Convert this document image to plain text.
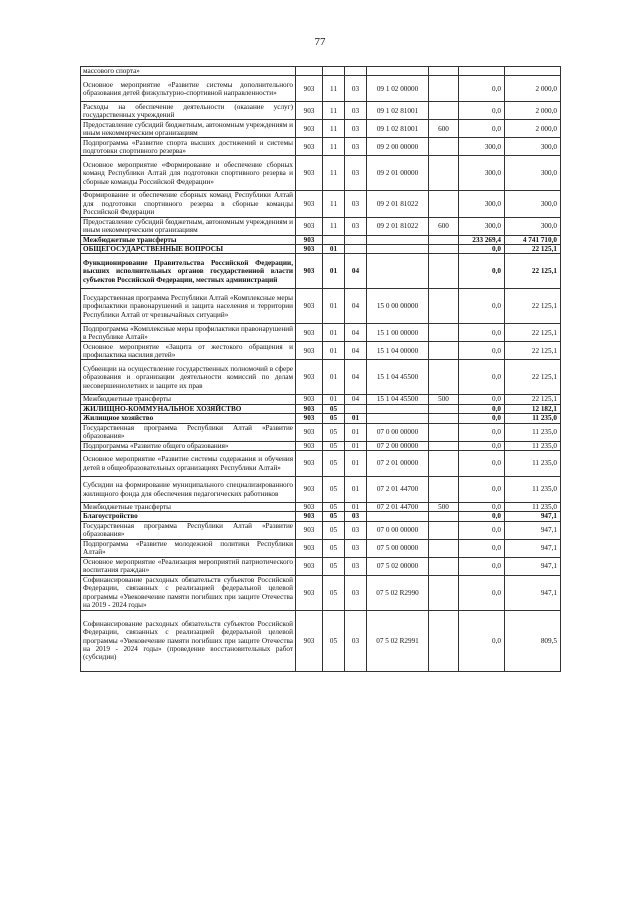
77
массового спорта»							
Основное мероприятие «Развитие системы дополнительного образования детей физкультурно-спортивной направленности»	903	11	03	09 1 02 00000		0,0	2 000,0
Расходы на обеспечение деятельности (оказание услуг) государственных учреждений	903	11	03	09 1 02 81001		0,0	2 000,0
Предоставление субсидий бюджетным, автономным учреждениям и иным некоммерческим организациям	903	11	03	09 1 02 81001	600	0,0	2 000,0
Подпрограмма «Развитие спорта высших достижений и системы подготовки спортивного резерва»	903	11	03	09 2 00 00000		300,0	300,0
Основное мероприятие «Формирование и обеспечение сборных команд Республики Алтай для подготовки спортивного резерва и сборные команды Российской Федерации»	903	11	03	09 2 01 00000		300,0	300,0
Формирование и обеспечение сборных команд Республики Алтай для подготовки спортивного резерва в сборные команды Российской Федерации	903	11	03	09 2 01 81022		300,0	300,0
Предоставление субсидий бюджетным, автономным учреждениям и иным некоммерческим организациям	903	11	03	09 2 01 81022	600	300,0	300,0
Межбюджетные трансферты	903					233 269,4	4 741 710,0
ОБЩЕГОСУДАРСТВЕННЫЕ ВОПРОСЫ	903	01				0,0	22 125,1
Функционирование Правительства Российской Федерации, высших исполнительных органов государственной власти субъектов Российской Федерации, местных администраций	903	01	04			0,0	22 125,1
Государственная программа Республики Алтай «Комплексные меры профилактики правонарушений и защита населения и территории Республики Алтай от чрезвычайных ситуаций»	903	01	04	15 0 00 00000		0,0	22 125,1
Подпрограмма «Комплексные меры профилактики правонарушений в Республике Алтай»	903	01	04	15 1 00 00000		0,0	22 125,1
Основное мероприятие «Защита от жестокого обращения и профилактика насилия детей»	903	01	04	15 1 04 00000		0,0	22 125,1
Субвенции на осуществление государственных полномочий в сфере образования и организации деятельности комиссий по делам несовершеннолетних и защите их прав	903	01	04	15 1 04 45500		0,0	22 125,1
Межбюджетные трансферты	903	01	04	15 1 04 45500	500	0,0	22 125,1
ЖИЛИЩНО-КОММУНАЛЬНОЕ ХОЗЯЙСТВО	903	05				0,0	12 182,1
Жилищное хозяйство	903	05	01			0,0	11 235,0
Государственная программа Республики Алтай «Развитие образования»	903	05	01	07 0 00 00000		0,0	11 235,0
Подпрограмма «Развитие общего образования»	903	05	01	07 2 00 00000		0,0	11 235,0
Основное мероприятие «Развитие системы содержания и обучения детей в общеобразовательных организациях Республики Алтай»	903	05	01	07 2 01 00000		0,0	11 235,0
Субсидии на формирование муниципального специализированного жилищного фонда для обеспечения педагогических работников	903	05	01	07 2 01 44700		0,0	11 235,0
Межбюджетные трансферты	903	05	01	07 2 01 44700	500	0,0	11 235,0
Благоустройство	903	05	03			0,0	947,1
Государственная программа Республики Алтай «Развитие образования»	903	05	03	07 0 00 00000		0,0	947,1
Подпрограмма «Развитие молодежной политики Республики Алтай»	903	05	03	07 5 00 00000		0,0	947,1
Основное мероприятие «Реализация мероприятий патриотического воспитания граждан»	903	05	03	07 5 02 00000		0,0	947,1
Софинансирование расходных обязательств субъектов Российской Федерации, связанных с реализацией федеральной целевой программы «Увековечение памяти погибших при защите Отечества на 2019 - 2024 годы»	903	05	03	07 5 02 R2990		0,0	947,1
Софинансирование расходных обязательств субъектов Российской Федерации, связанных с реализацией федеральной целевой программы «Увековечение памяти погибших при защите Отечества на 2019 - 2024 годы» (проведение восстановительных работ (субсидии)	903	05	03	07 5 02 R2991		0,0	809,5
